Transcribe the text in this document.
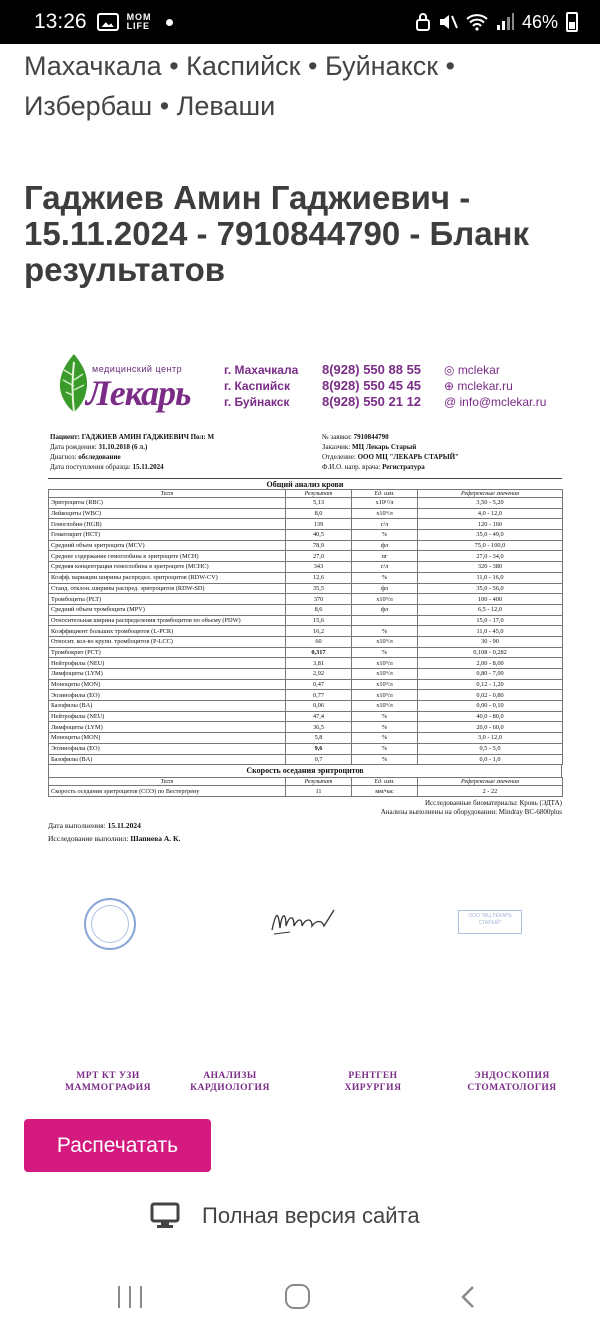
13:26	MOM
LIFE	46%
Махачкала • Каспийск • Буйнакск • Избербаш • Леваши
Гаджиев Амин Гаджиевич - 15.11.2024 - 7910844790 - Бланк результатов
медицинский центр
Лекарь
г. Махачкала
г. Каспийск
г. Буйнакск
8(928) 550 88 55
8(928) 550 45 45
8(928) 550 21 12
◎ mclekar
⊕ mclekar.ru
@ info@mclekar.ru
Пациент: ГАДЖИЕВ АМИН ГАДЖИЕВИЧ Пол: М
Дата рождения: 31.10.2018 (6 л.)
Диагноз: обследование
Дата поступления образца: 15.11.2024
№ заявки: 7910844790
Заказчик: МЦ Лекарь Старый
Отделение: ООО МЦ "ЛЕКАРЬ СТАРЫЙ"
Ф.И.О. напр. врача: Регистратура
Общий анализ крови
Тест	Результат	Ед. изм.	Референсные значения
Эритроциты (RBC)	5,13	x10¹²/л	3,50 - 5,20
Лейкоциты (WBC)	8,0	x10⁹/л	4,0 - 12,0
Гемоглобин (HGB)	139	г/л	120 - 160
Гематокрит (HCT)	40,5	%	35,0 - 49,0
Средний объем эритроцита (MCV)	78,9	фл	75,0 - 100,0
Среднее содержание гемоглобина в эритроците (MCH)	27,0	пг	27,0 - 34,0
Средняя концентрация гемоглобина в эритроците (MCHC)	343	г/л	320 - 380
Коэфф. вариации ширины распредел. эритроцитов (RDW-CV)	12,6	%	11,0 - 16,0
Станд. отклон. ширины распред. эритроцитов (RDW-SD)	35,5	фл	35,0 - 56,0
Тромбоциты (PLT)	370	x10⁹/л	100 - 400
Средний объем тромбоцита (MPV)	8,6	фл	6,5 - 12,0
Относительная ширина распределения тромбоцитов по объему (PDW)	15,6		15,0 - 17,0
Коэффициент больших тромбоцитов (L-PCR)	16,2	%	11,0 - 45,0
Относит. кол-во крупн. тромбоцитов (P-LCC)	60	x10⁹/л	30 - 90
Тромбокрит (PCT)	0,317	%	0,108 - 0,282
Нейтрофилы (NEU)	3,81	x10⁹/л	2,00 - 8,00
Лимфоциты (LYM)	2,92	x10⁹/л	0,80 - 7,00
Моноциты (MON)	0,47	x10⁹/л	0,12 - 1,20
Эозинофилы (EO)	0,77	x10⁹/л	0,02 - 0,80
Базофилы (BA)	0,06	x10⁹/л	0,00 - 0,10
Нейтрофилы (NEU)	47,4	%	40,0 - 80,0
Лимфоциты (LYM)	36,5	%	20,0 - 60,0
Моноциты (MON)	5,8	%	3,0 - 12,0
Эозинофилы (EO)	9,6	%	0,5 - 5,0
Базофилы (BA)	0,7	%	0,0 - 1,0
Скорость оседания эритроцитов
Тест	Результат	Ед. изм.	Референсные значения
Скорость оседания эритроцитов (СОЭ) по Вестергрену	11	мм/час	2 - 22
Исследованные биоматериалы: Кровь (ЭДТА)
Анализы выполнены на оборудовании: Mindray BC-6800plus
Дата выполнения: 15.11.2024
Исследование выполнил: Шапиева А. К.
ООО "МЦ ЛЕКАРЬ СТАРЫЙ"
МРТ КТ УЗИ
МАММОГРАФИЯ
АНАЛИЗЫ
КАРДИОЛОГИЯ
РЕНТГЕН
ХИРУРГИЯ
ЭНДОСКОПИЯ
СТОМАТОЛОГИЯ
Распечатать
Полная версия сайта
